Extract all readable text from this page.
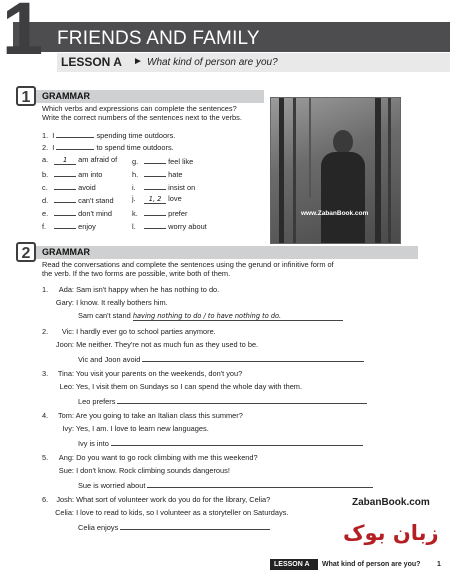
1 FRIENDS AND FAMILY
LESSON A ► What kind of person are you?
1	GRAMMAR
Which verbs and expressions can complete the sentences?
Write the correct numbers of the sentences next to the verbs.
1. I	spending time outdoors.
2. I	to spend time outdoors.
a. 1 am afraid of
b.	am into
c.	avoid
d.	can't stand
e.	don't mind
f.	enjoy
g.	feel like
h.	hate
i.	insist on
j. 1, 2 love
k.	prefer
l.	worry about
www.ZabanBook.com
2	GRAMMAR
Read the conversations and complete the sentences using the gerund or infinitive form of
the verb. If the two forms are possible, write both of them.
1. Ada: Sam isn't happy when he has nothing to do.
Gary: I know. It really bothers him.
Sam can't stand having nothing to do / to have nothing to do.
2. Vic: I hardly ever go to school parties anymore.
Joon: Me neither. They're not as much fun as they used to be.
Vic and Joon avoid
3. Tina: You visit your parents on the weekends, don't you?
Leo: Yes, I visit them on Sundays so I can spend the whole day with them.
Leo prefers
4. Tom: Are you going to take an Italian class this summer?
Ivy: Yes, I am. I love to learn new languages.
Ivy is into
5. Ang: Do you want to go rock climbing with me this weekend?
Sue: I don't know. Rock climbing sounds dangerous!
Sue is worried about
6. Josh: What sort of volunteer work do you do for the library, Celia?
Celia: I love to read to kids, so I volunteer as a storyteller on Saturdays.
Celia enjoys
ZabanBook.com
زبان بوک
LESSON A What kind of person are you? 1
